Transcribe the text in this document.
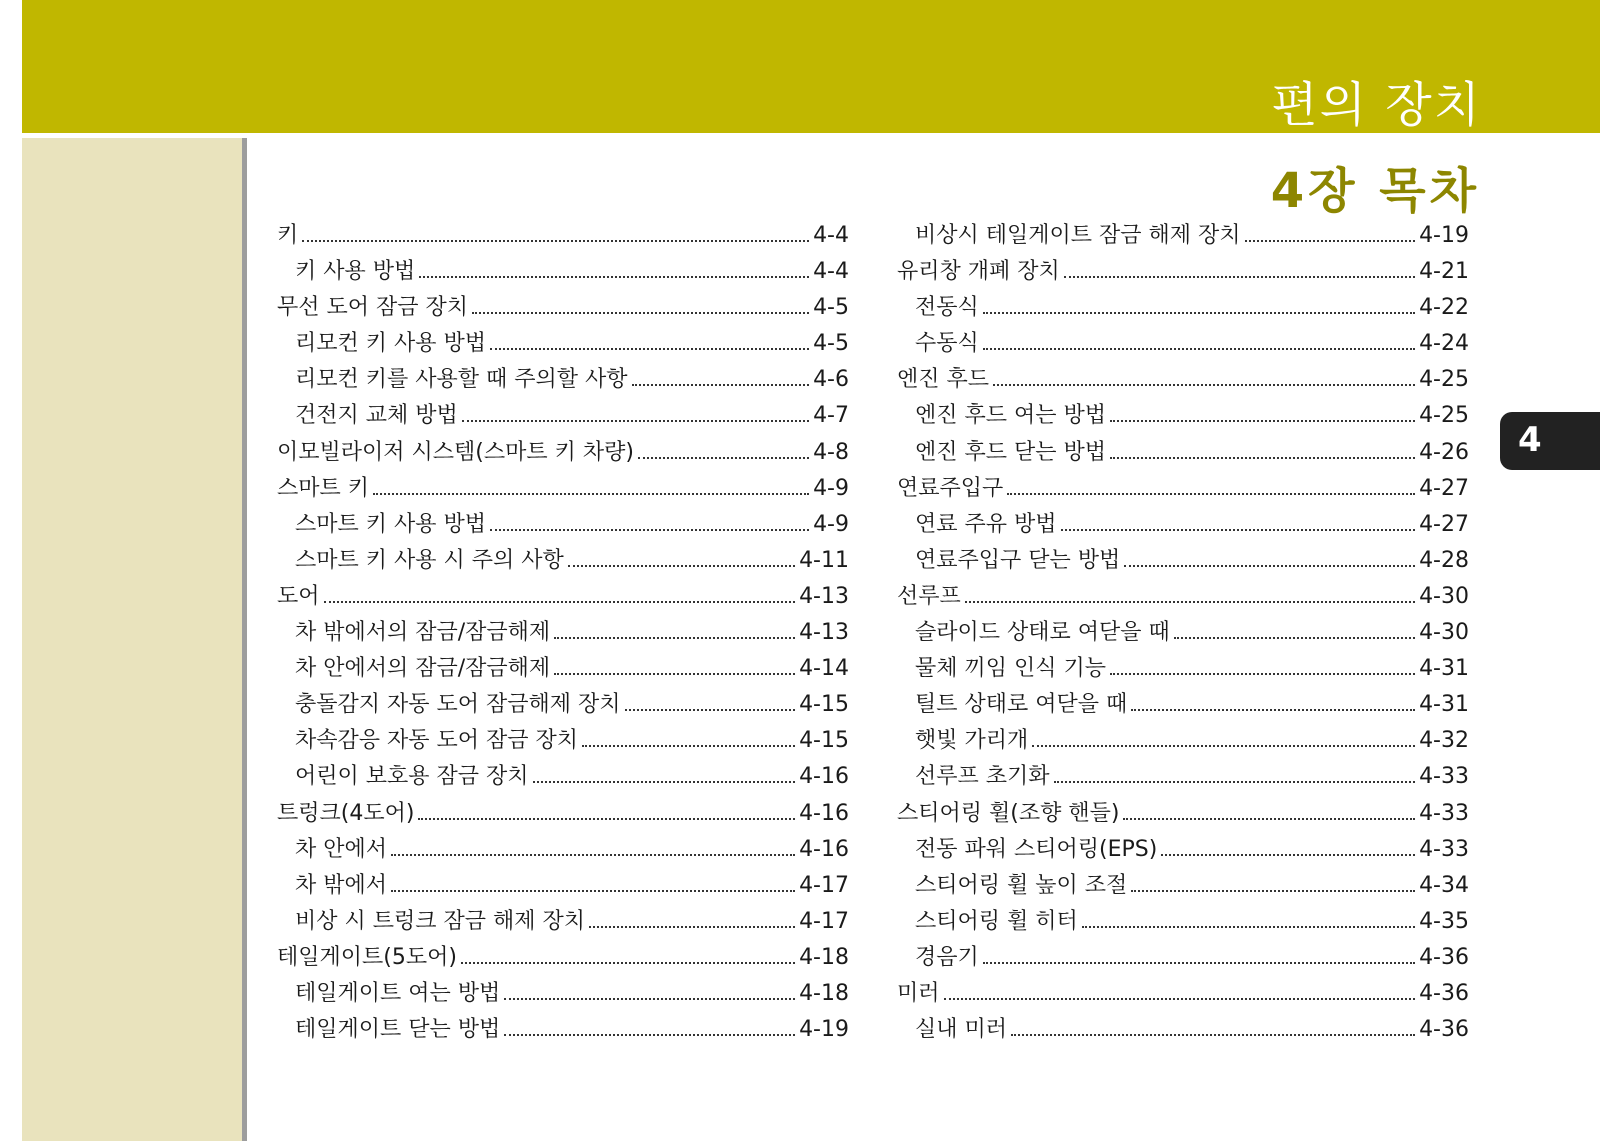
편의 장치
4장 목차
4
키	4-4
키 사용 방법	4-4
무선 도어 잠금 장치	4-5
리모컨 키 사용 방법	4-5
리모컨 키를 사용할 때 주의할 사항	4-6
건전지 교체 방법	4-7
이모빌라이저 시스템(스마트 키 차량)	4-8
스마트 키	4-9
스마트 키 사용 방법	4-9
스마트 키 사용 시 주의 사항	4-11
도어	4-13
차 밖에서의 잠금/잠금해제	4-13
차 안에서의 잠금/잠금해제	4-14
충돌감지 자동 도어 잠금해제 장치	4-15
차속감응 자동 도어 잠금 장치	4-15
어린이 보호용 잠금 장치	4-16
트렁크(4도어)	4-16
차 안에서	4-16
차 밖에서	4-17
비상 시 트렁크 잠금 해제 장치	4-17
테일게이트(5도어)	4-18
테일게이트 여는 방법	4-18
테일게이트 닫는 방법	4-19
비상시 테일게이트 잠금 해제 장치	4-19
유리창 개폐 장치	4-21
전동식	4-22
수동식	4-24
엔진 후드	4-25
엔진 후드 여는 방법	4-25
엔진 후드 닫는 방법	4-26
연료주입구	4-27
연료 주유 방법	4-27
연료주입구 닫는 방법	4-28
선루프	4-30
슬라이드 상태로 여닫을 때	4-30
물체 끼임 인식 기능	4-31
틸트 상태로 여닫을 때	4-31
햇빛 가리개	4-32
선루프 초기화	4-33
스티어링 휠(조향 핸들)	4-33
전동 파워 스티어링(EPS)	4-33
스티어링 휠 높이 조절	4-34
스티어링 휠 히터	4-35
경음기	4-36
미러	4-36
실내 미러	4-36
